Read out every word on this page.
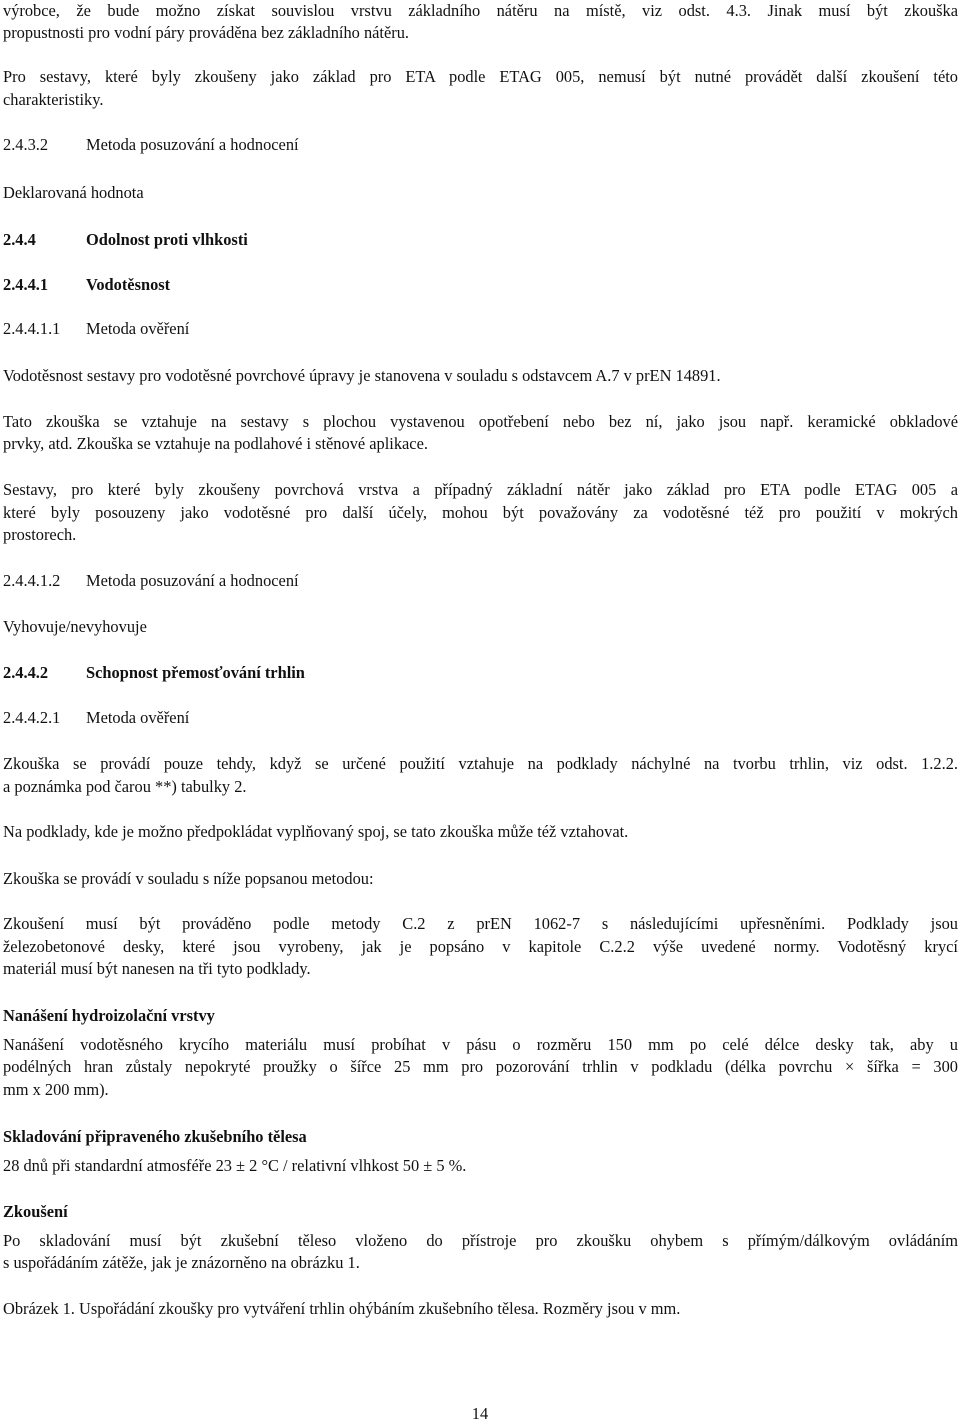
výrobce, že bude možno získat souvislou vrstvu základního nátěru na místě, viz odst. 4.3. Jinak musí být zkouška
propustnosti pro vodní páry prováděna bez základního nátěru.
Pro sestavy, které byly zkoušeny jako základ pro ETA podle ETAG 005, nemusí být nutné provádět další zkoušení této
charakteristiky.
2.4.3.2 Metoda posuzování a hodnocení
Deklarovaná hodnota
2.4.4	Odolnost proti vlhkosti
2.4.4.1 Vodotěsnost
2.4.4.1.1 Metoda ověření
Vodotěsnost sestavy pro vodotěsné povrchové úpravy je stanovena v souladu s odstavcem A.7 v prEN 14891.
Tato zkouška se vztahuje na sestavy s plochou vystavenou opotřebení nebo bez ní, jako jsou např. keramické obkladové
prvky, atd. Zkouška se vztahuje na podlahové i stěnové aplikace.
Sestavy, pro které byly zkoušeny povrchová vrstva a případný základní nátěr jako základ pro ETA podle ETAG 005 a
které byly posouzeny jako vodotěsné pro další účely, mohou být považovány za vodotěsné též pro použití v mokrých
prostorech.
2.4.4.1.2 Metoda posuzování a hodnocení
Vyhovuje/nevyhovuje
2.4.4.2 Schopnost přemosťování trhlin
2.4.4.2.1 Metoda ověření
Zkouška se provádí pouze tehdy, když se určené použití vztahuje na podklady náchylné na tvorbu trhlin, viz odst. 1.2.2.
a poznámka pod čarou **) tabulky 2.
Na podklady, kde je možno předpokládat vyplňovaný spoj, se tato zkouška může též vztahovat.
Zkouška se provádí v souladu s níže popsanou metodou:
Zkoušení musí být prováděno podle metody C.2 z prEN 1062-7 s následujícími upřesněními. Podklady jsou
železobetonové desky, které jsou vyrobeny, jak je popsáno v kapitole C.2.2 výše uvedené normy. Vodotěsný krycí
materiál musí být nanesen na tři tyto podklady.
Nanášení hydroizolační vrstvy
Nanášení vodotěsného krycího materiálu musí probíhat v pásu o rozměru 150 mm po celé délce desky tak, aby u
podélných hran zůstaly nepokryté proužky o šířce 25 mm pro pozorování trhlin v podkladu (délka povrchu × šířka = 300
mm x 200 mm).
Skladování připraveného zkušebního tělesa
28 dnů při standardní atmosféře 23 ± 2 °C / relativní vlhkost 50 ± 5 %.
Zkoušení
Po skladování musí být zkušební těleso vloženo do přístroje pro zkoušku ohybem s přímým/dálkovým ovládáním
s uspořádáním zátěže, jak je znázorněno na obrázku 1.
Obrázek 1. Uspořádání zkoušky pro vytváření trhlin ohýbáním zkušebního tělesa. Rozměry jsou v mm.
14
